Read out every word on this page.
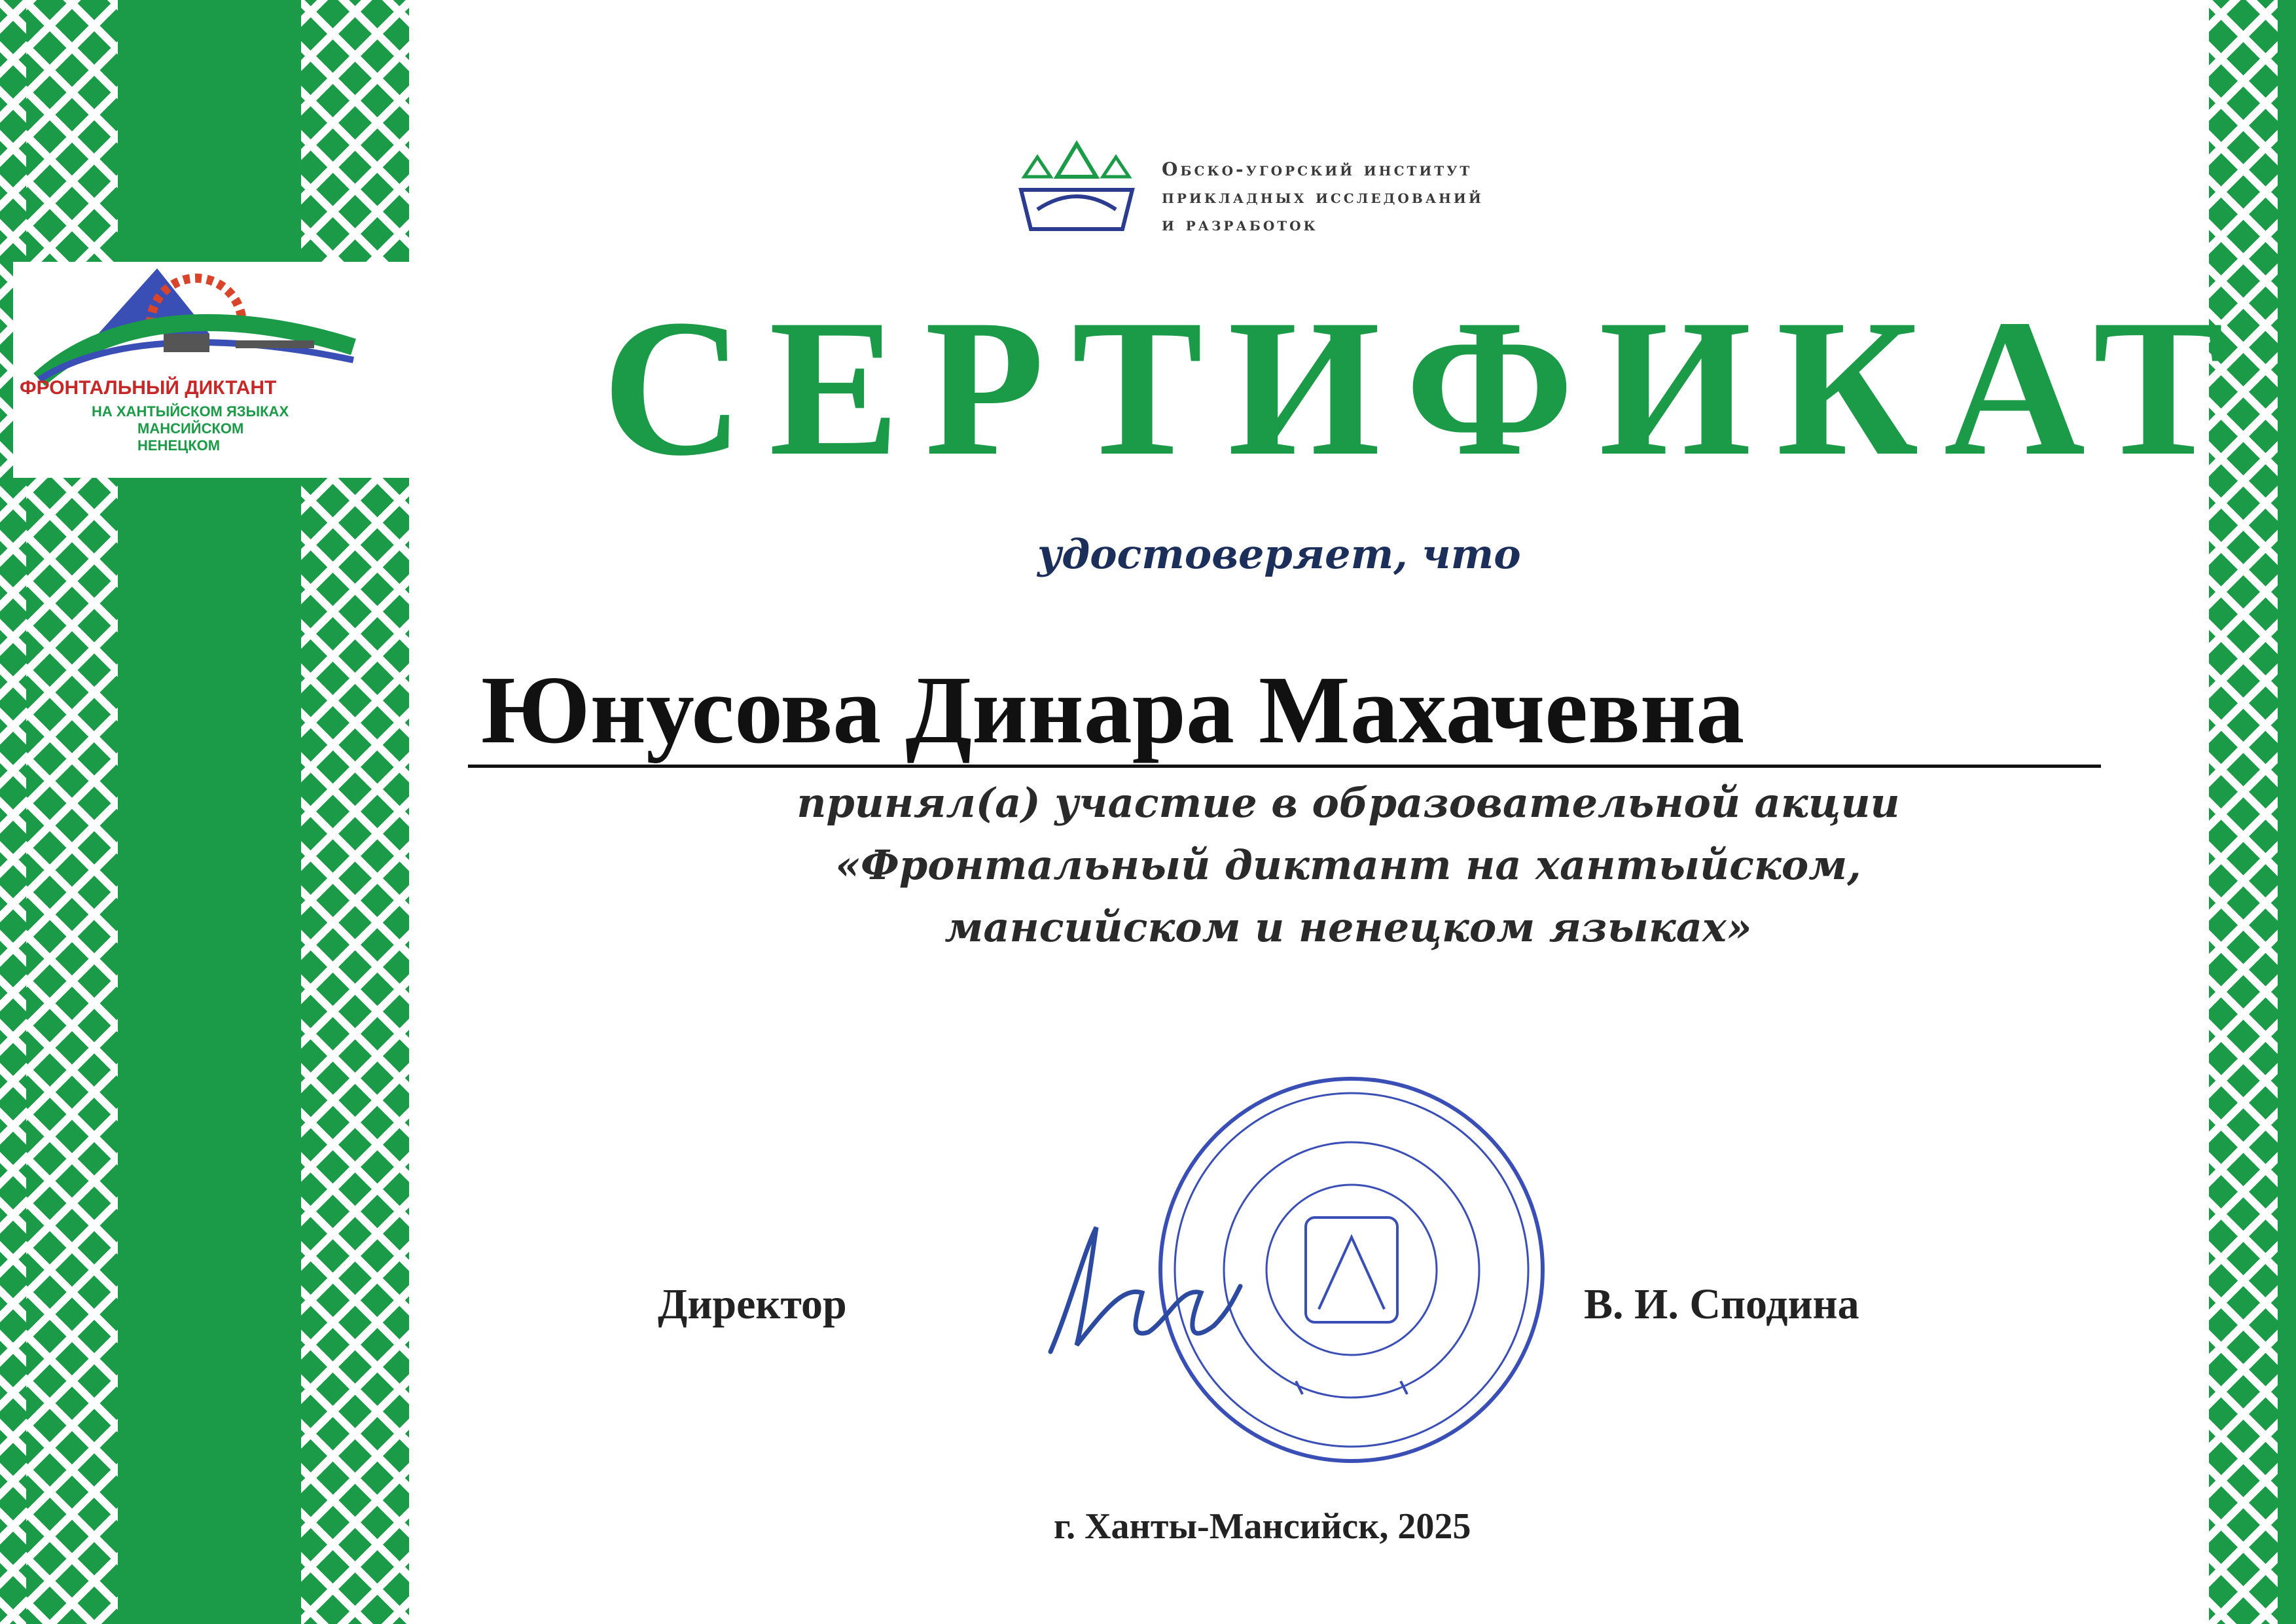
ФРОНТАЛЬНЫЙ ДИКТАНТ
НА ХАНТЫЙСКОМ ЯЗЫКАХ
МАНСИЙСКОМ
НЕНЕЦКОМ
Обско-угорский институт
прикладных исследований
и разработок
СЕРТИФИКАТ
удостоверяет, что
Юнусова Динара Махачевна
принял(а) участие в образовательной акции
«Фронтальный диктант на хантыйском,
мансийском и ненецком языках»
Директор	В. И. Сподина
г. Ханты-Мансийск, 2025
